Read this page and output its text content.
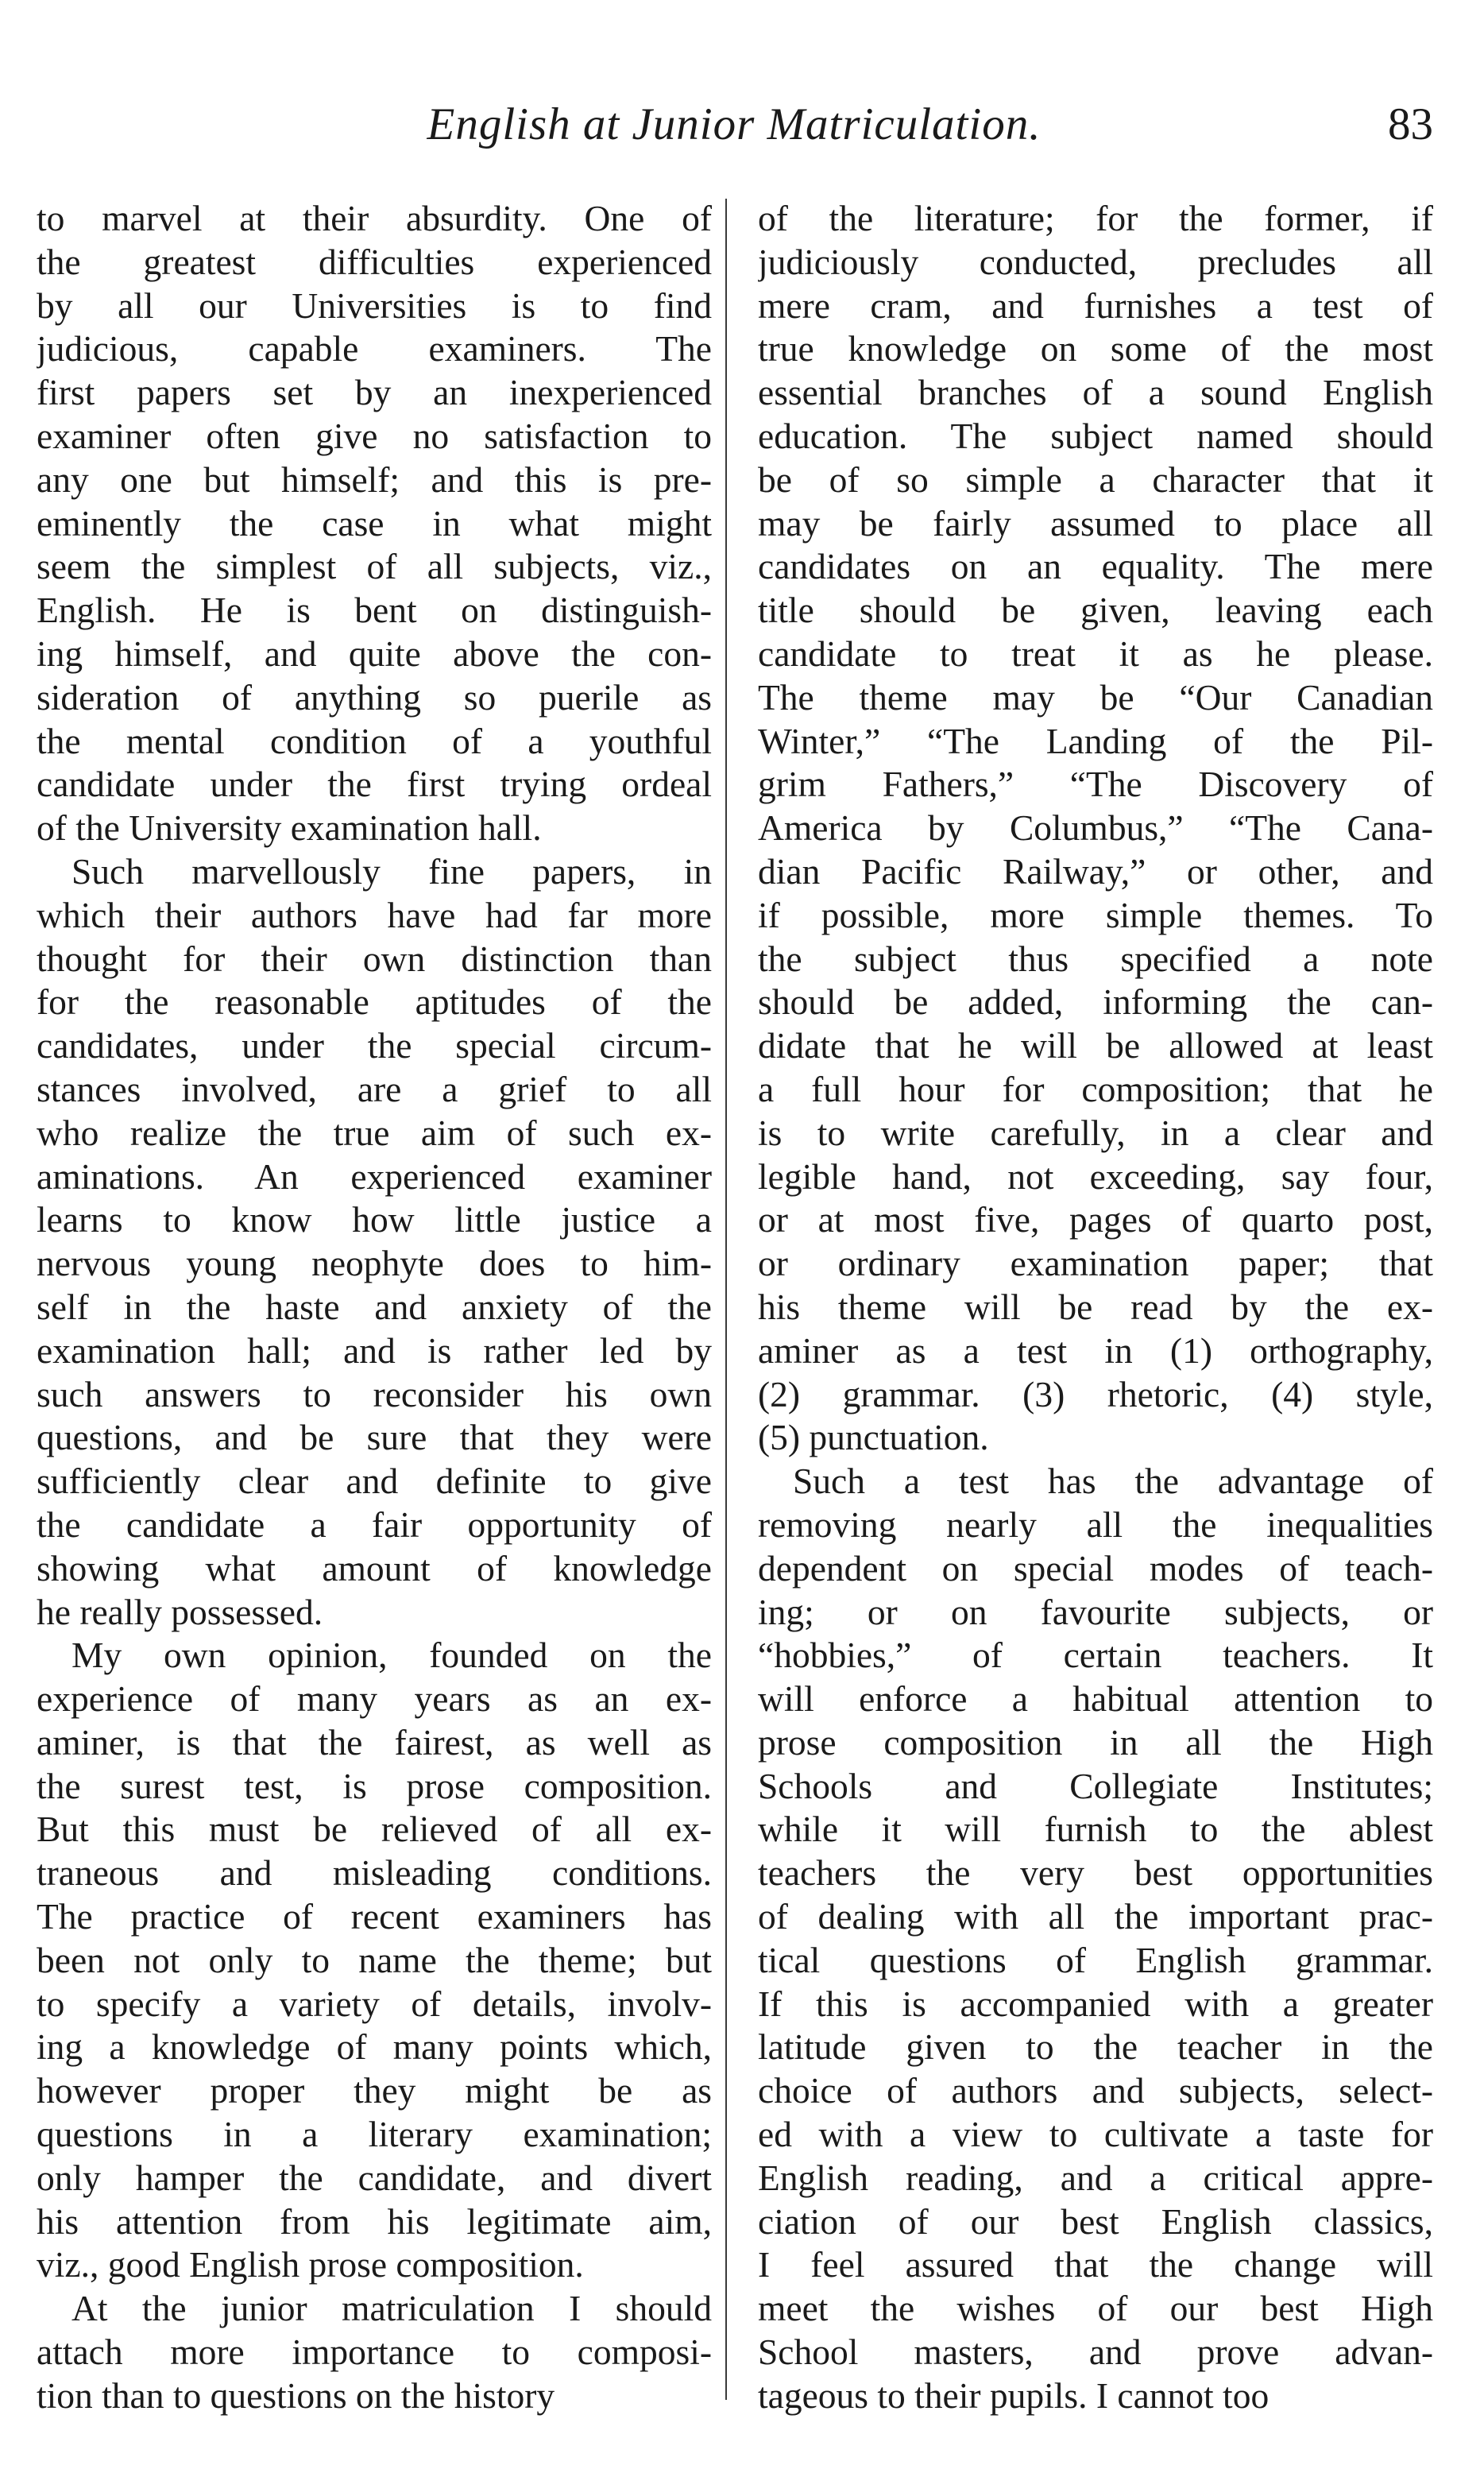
English at Junior Matriculation.	83
to marvel at their absurdity. One of
the greatest difficulties experienced
by all our Universities is to find
judicious, capable examiners. The
first papers set by an inexperienced
examiner often give no satisfaction to
any one but himself; and this is pre-
eminently the case in what might
seem the simplest of all subjects, viz.,
English. He is bent on distinguish-
ing himself, and quite above the con-
sideration of anything so puerile as
the mental condition of a youthful
candidate under the first trying ordeal
of the University examination hall.
Such marvellously fine papers, in
which their authors have had far more
thought for their own distinction than
for the reasonable aptitudes of the
candidates, under the special circum-
stances involved, are a grief to all
who realize the true aim of such ex-
aminations. An experienced examiner
learns to know how little justice a
nervous young neophyte does to him-
self in the haste and anxiety of the
examination hall; and is rather led by
such answers to reconsider his own
questions, and be sure that they were
sufficiently clear and definite to give
the candidate a fair opportunity of
showing what amount of knowledge
he really possessed.
My own opinion, founded on the
experience of many years as an ex-
aminer, is that the fairest, as well as
the surest test, is prose composition.
But this must be relieved of all ex-
traneous and misleading conditions.
The practice of recent examiners has
been not only to name the theme; but
to specify a variety of details, involv-
ing a knowledge of many points which,
however proper they might be as
questions in a literary examination;
only hamper the candidate, and divert
his attention from his legitimate aim,
viz., good English prose composition.
At the junior matriculation I should
attach more importance to composi-
tion than to questions on the history
of the literature; for the former, if
judiciously conducted, precludes all
mere cram, and furnishes a test of
true knowledge on some of the most
essential branches of a sound English
education. The subject named should
be of so simple a character that it
may be fairly assumed to place all
candidates on an equality. The mere
title should be given, leaving each
candidate to treat it as he please.
The theme may be “Our Canadian
Winter,” “The Landing of the Pil-
grim Fathers,” “The Discovery of
America by Columbus,” “The Cana-
dian Pacific Railway,” or other, and
if possible, more simple themes. To
the subject thus specified a note
should be added, informing the can-
didate that he will be allowed at least
a full hour for composition; that he
is to write carefully, in a clear and
legible hand, not exceeding, say four,
or at most five, pages of quarto post,
or ordinary examination paper; that
his theme will be read by the ex-
aminer as a test in (1) orthography,
(2) grammar. (3) rhetoric, (4) style,
(5) punctuation.
Such a test has the advantage of
removing nearly all the inequalities
dependent on special modes of teach-
ing; or on favourite subjects, or
“hobbies,” of certain teachers. It
will enforce a habitual attention to
prose composition in all the High
Schools and Collegiate Institutes;
while it will furnish to the ablest
teachers the very best opportunities
of dealing with all the important prac-
tical questions of English grammar.
If this is accompanied with a greater
latitude given to the teacher in the
choice of authors and subjects, select-
ed with a view to cultivate a taste for
English reading, and a critical appre-
ciation of our best English classics,
I feel assured that the change will
meet the wishes of our best High
School masters, and prove advan-
tageous to their pupils. I cannot too
